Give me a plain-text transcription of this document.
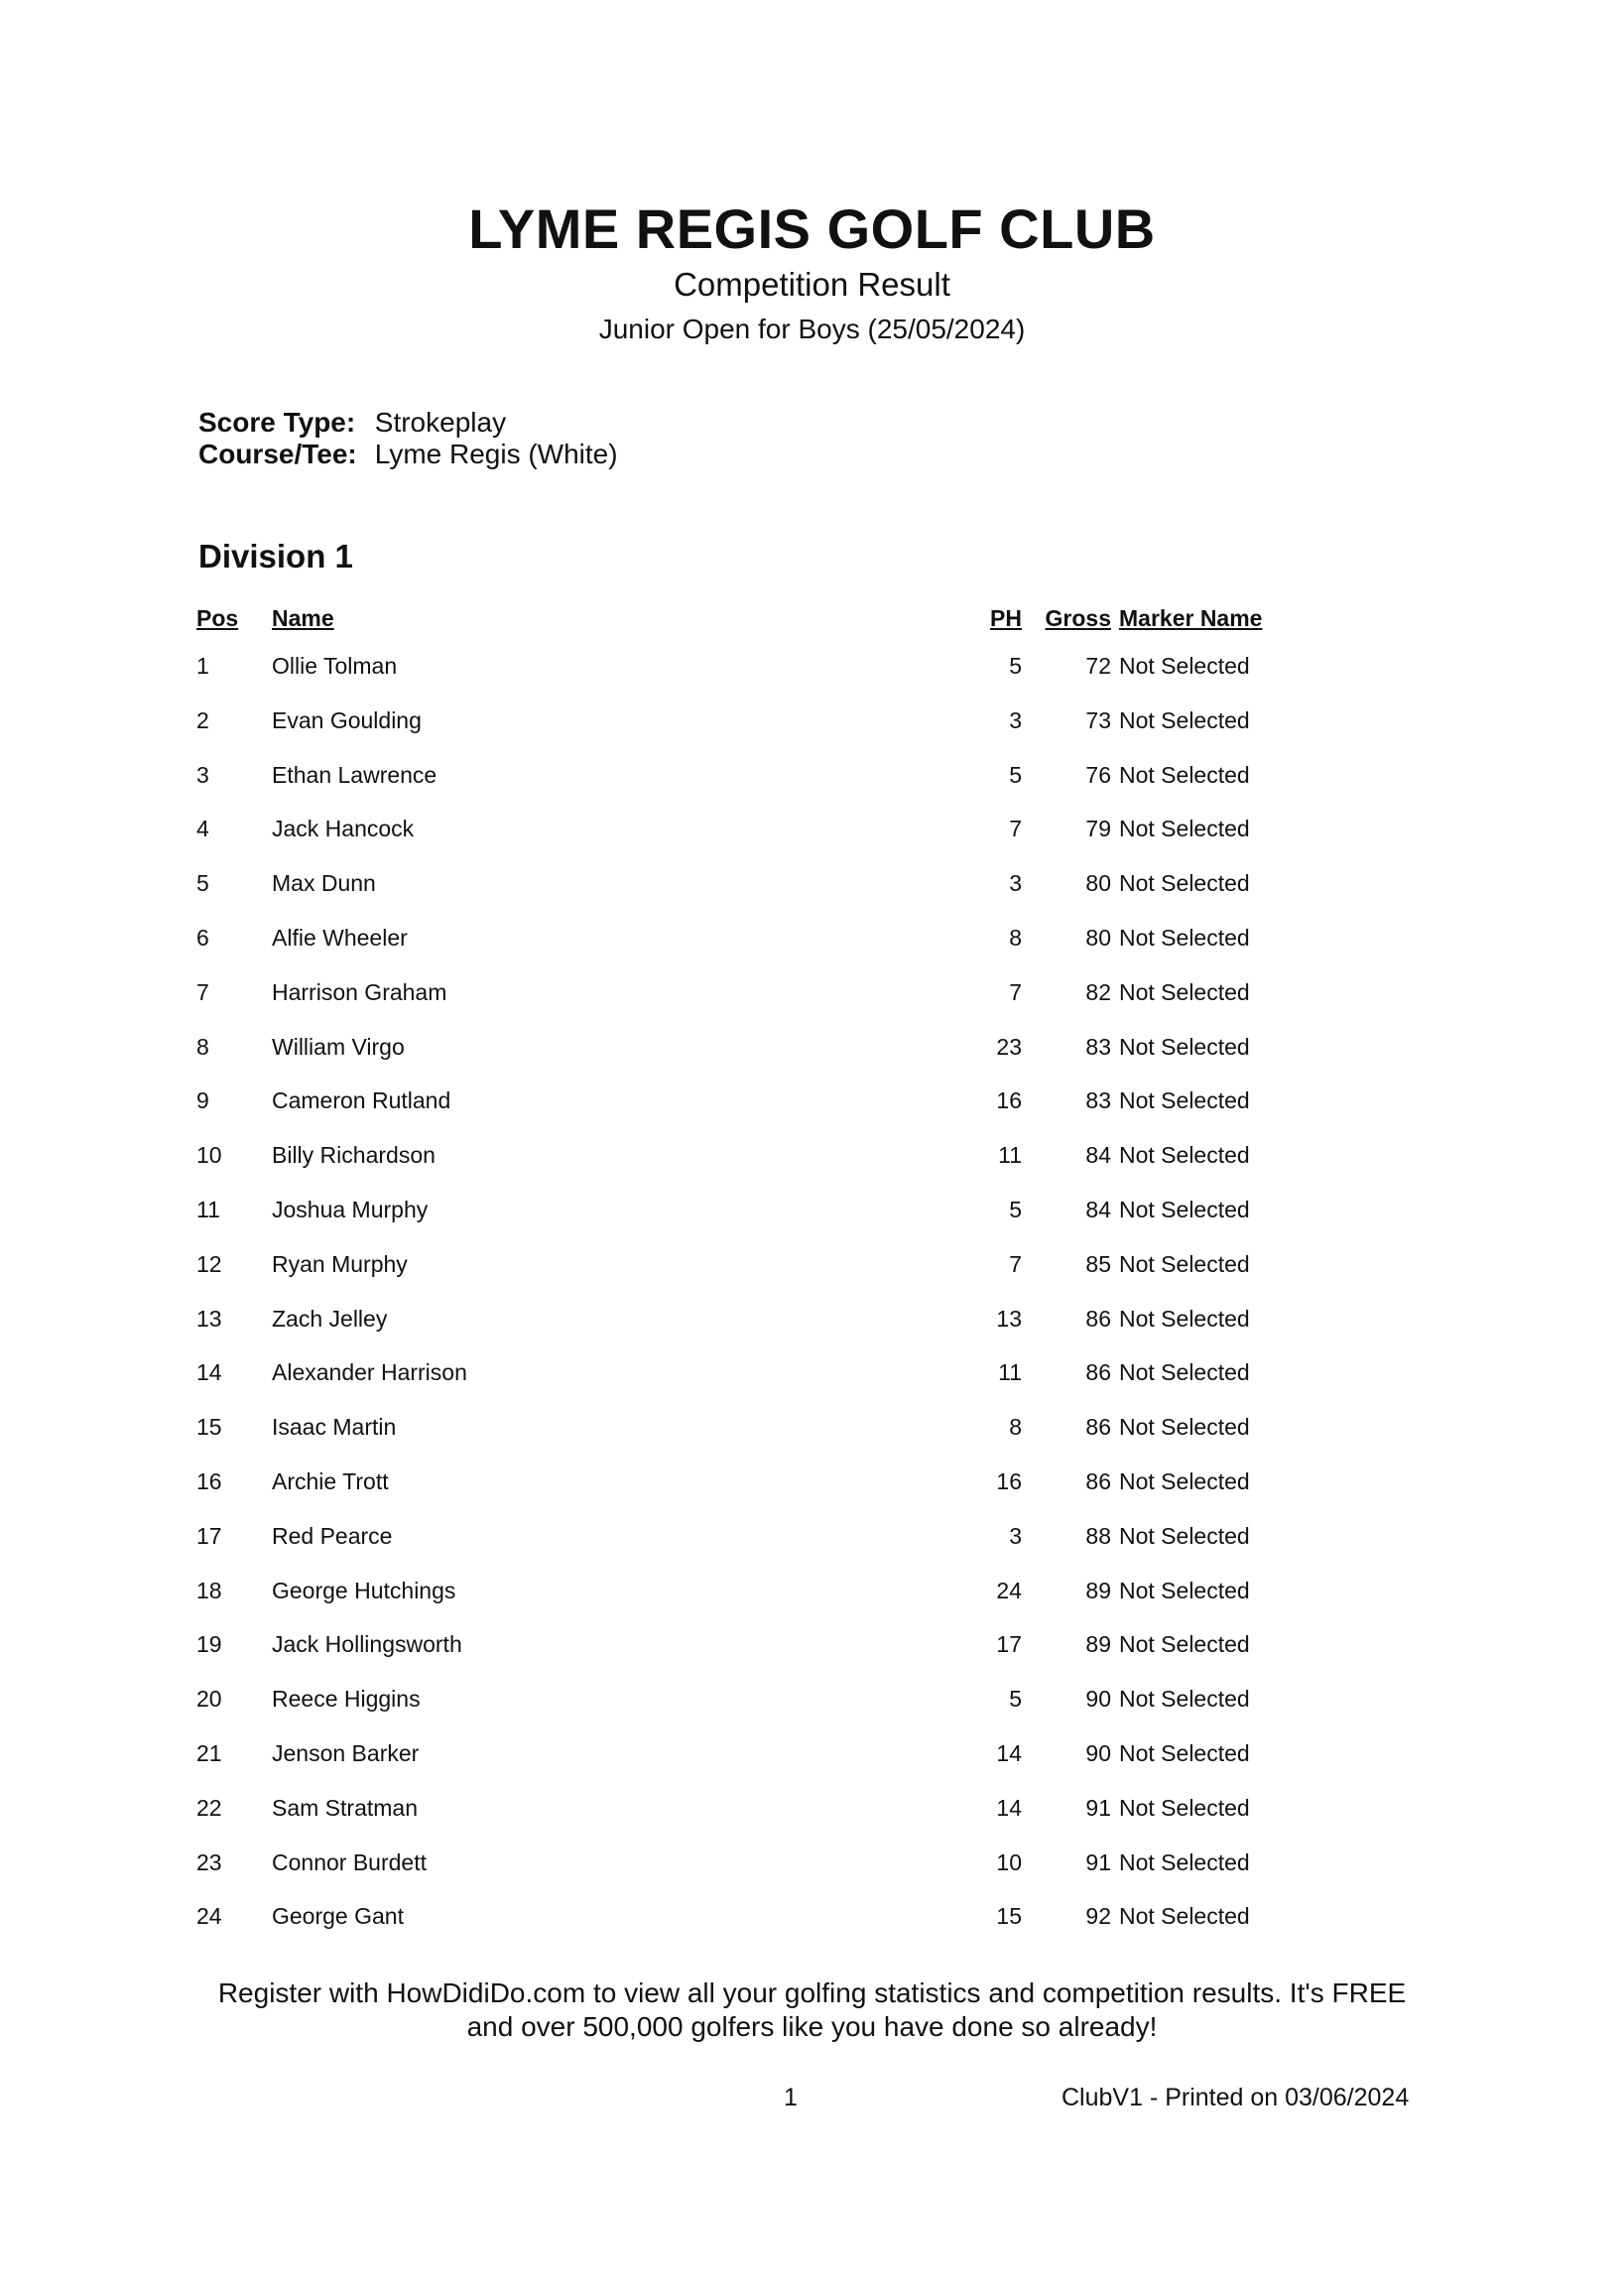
LYME REGIS GOLF CLUB
Competition Result
Junior Open for Boys (25/05/2024)
Score Type: Strokeplay
Course/Tee: Lyme Regis (White)
Division 1
Pos Name	PH Gross Marker Name
1	Ollie Tolman	5	72 Not Selected
2	Evan Goulding	3	73 Not Selected
3	Ethan Lawrence	5	76 Not Selected
4	Jack Hancock	7	79 Not Selected
5	Max Dunn	3	80 Not Selected
6	Alfie Wheeler	8	80 Not Selected
7	Harrison Graham	7	82 Not Selected
8	William Virgo	23	83 Not Selected
9	Cameron Rutland	16	83 Not Selected
10 Billy Richardson	11	84 Not Selected
11 Joshua Murphy	5	84 Not Selected
12 Ryan Murphy	7	85 Not Selected
13 Zach Jelley	13	86 Not Selected
14 Alexander Harrison	11	86 Not Selected
15 Isaac Martin	8	86 Not Selected
16 Archie Trott	16	86 Not Selected
17 Red Pearce	3	88 Not Selected
18 George Hutchings	24	89 Not Selected
19 Jack Hollingsworth	17	89 Not Selected
20 Reece Higgins	5	90 Not Selected
21 Jenson Barker	14	90 Not Selected
22 Sam Stratman	14	91 Not Selected
23 Connor Burdett	10	91 Not Selected
24 George Gant	15	92 Not Selected
Register with HowDidiDo.com to view all your golfing statistics and competition results. It's FREE and over 500,000 golfers like you have done so already!
1	ClubV1 - Printed on 03/06/2024
